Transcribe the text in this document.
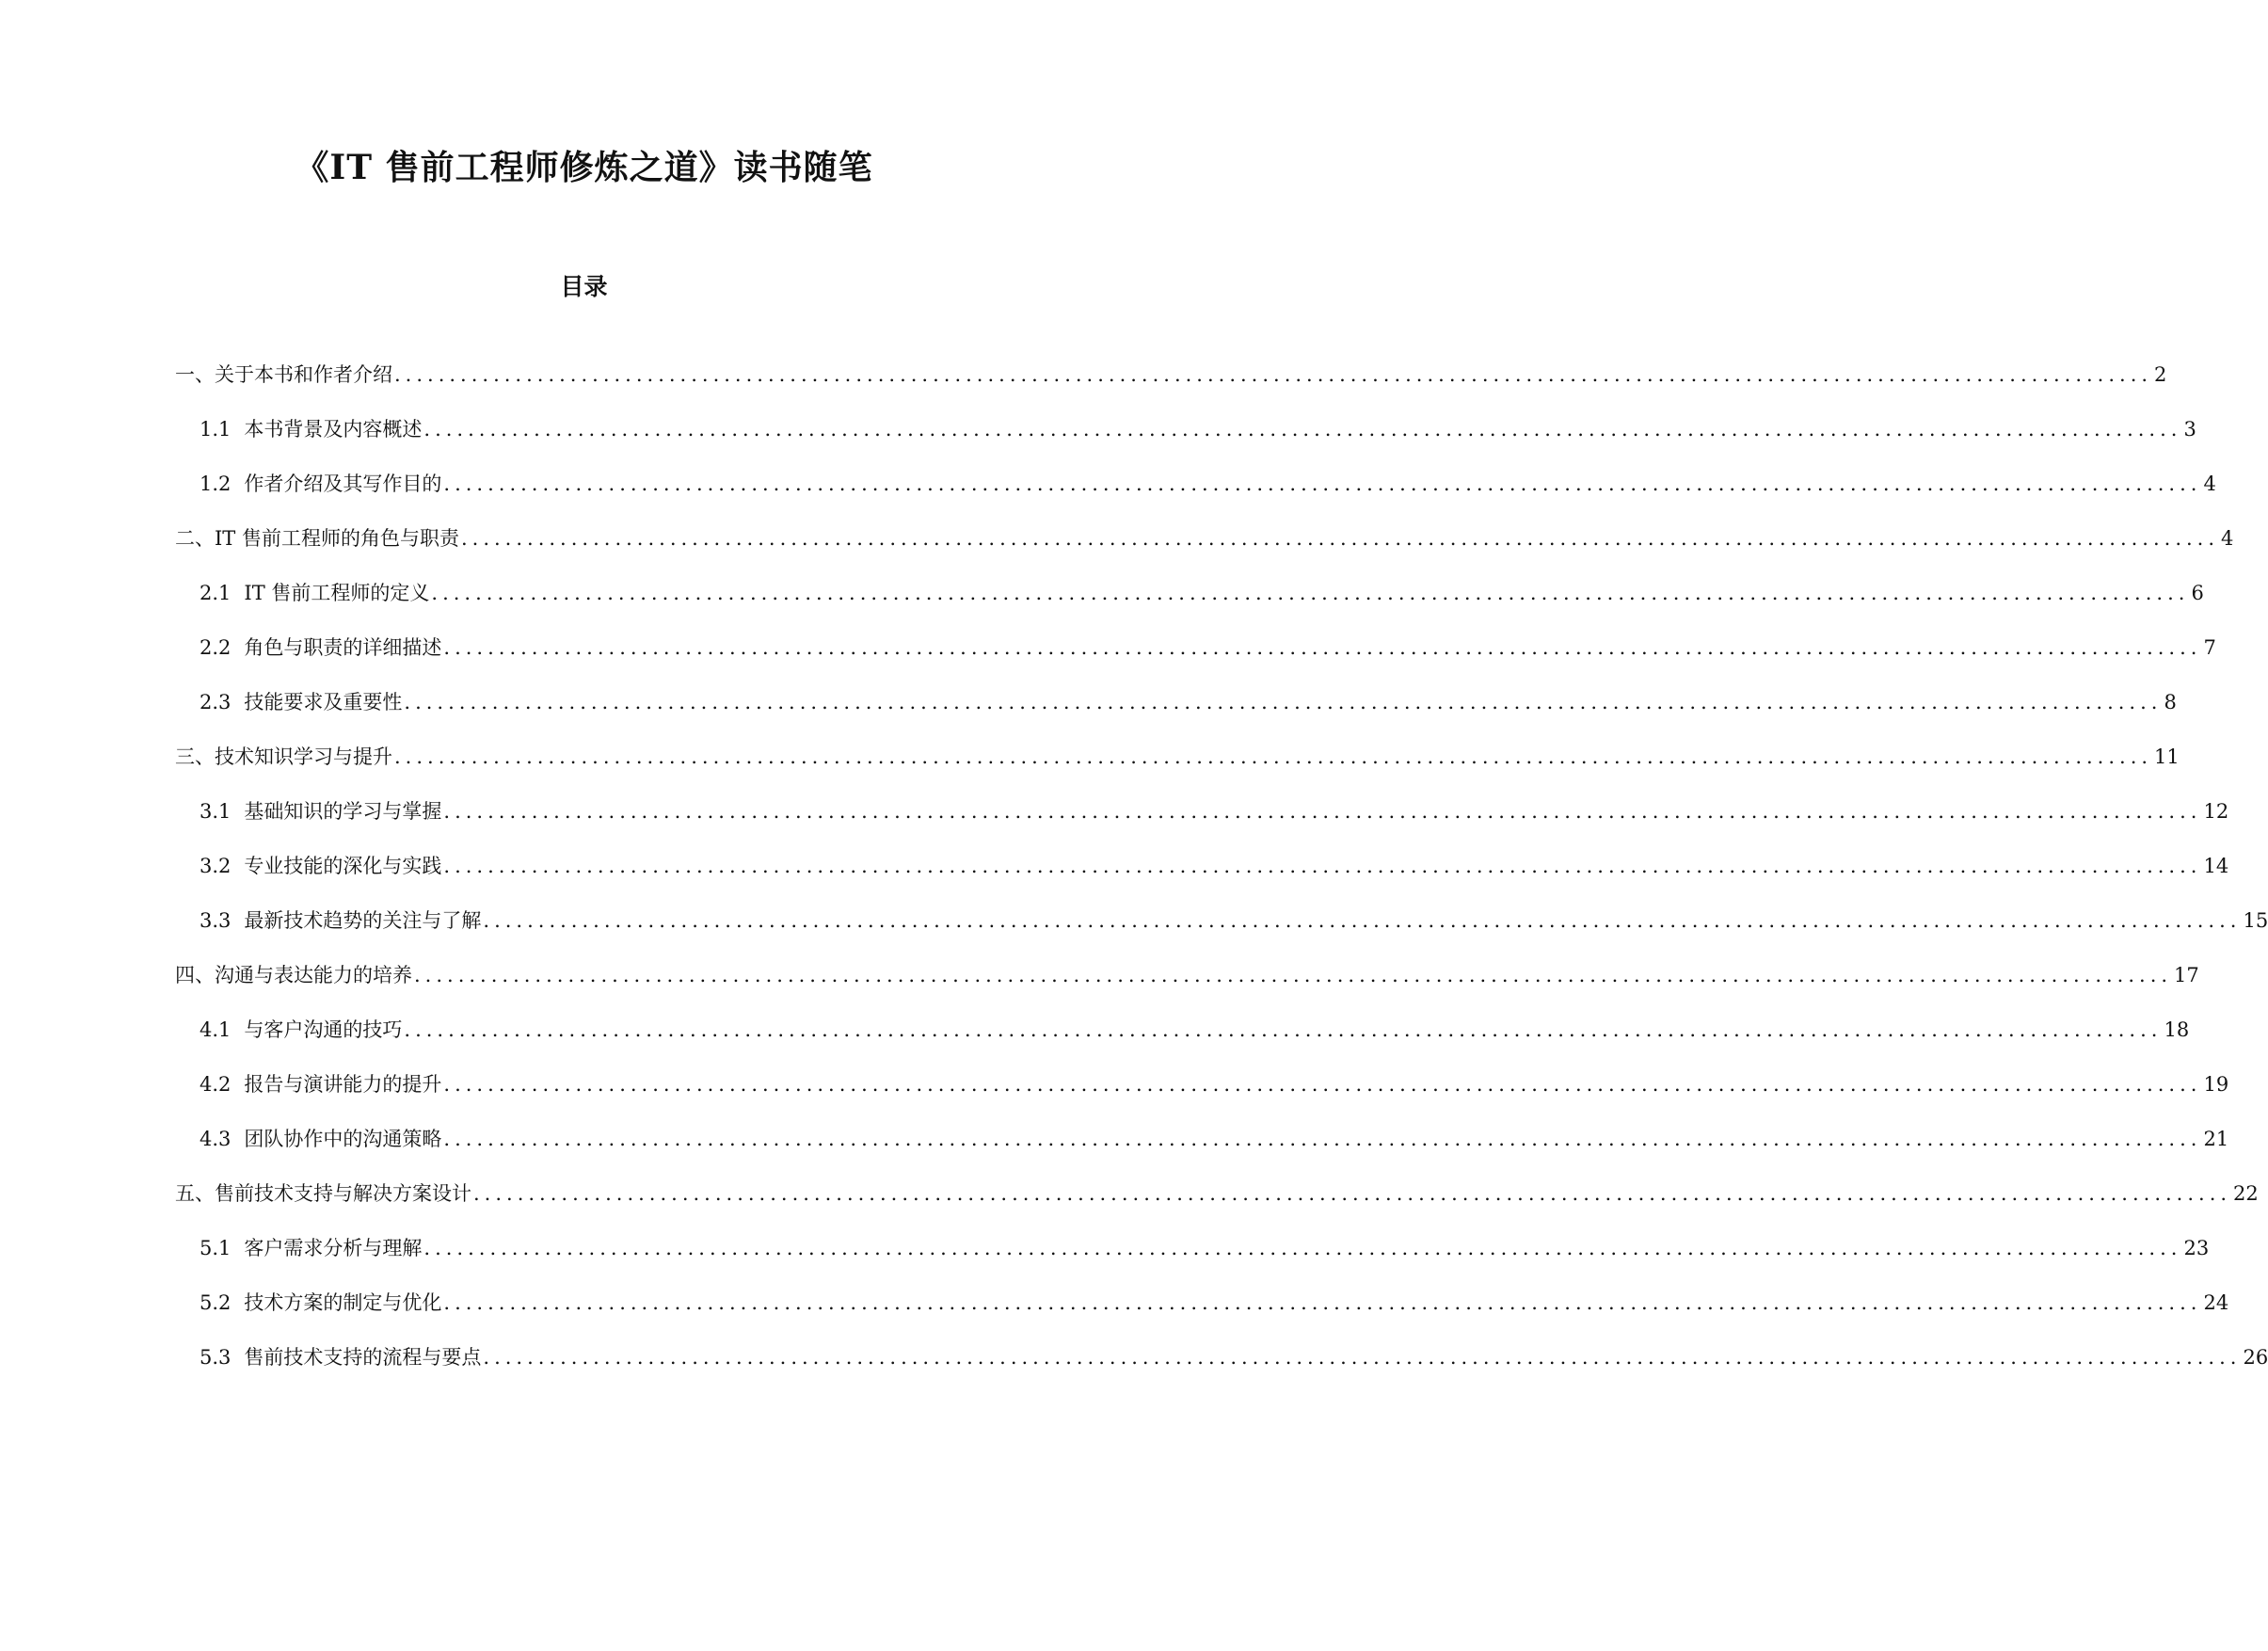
《IT 售前工程师修炼之道》读书随笔
目录
一、关于本书和作者介绍 ................................................................................................................................................................ 2
1.1 本书背景及内容概述 ................................................................................................................................................................ 3
1.2 作者介绍及其写作目的 ................................................................................................................................................................ 4
二、IT 售前工程师的角色与职责 ................................................................................................................................................................ 4
2.1 IT 售前工程师的定义 ................................................................................................................................................................ 6
2.2 角色与职责的详细描述 ................................................................................................................................................................ 7
2.3 技能要求及重要性 ................................................................................................................................................................ 8
三、技术知识学习与提升 ................................................................................................................................................................ 11
3.1 基础知识的学习与掌握 ................................................................................................................................................................ 12
3.2 专业技能的深化与实践 ................................................................................................................................................................ 14
3.3 最新技术趋势的关注与了解 ................................................................................................................................................................ 15
四、沟通与表达能力的培养 ................................................................................................................................................................ 17
4.1 与客户沟通的技巧 ................................................................................................................................................................ 18
4.2 报告与演讲能力的提升 ................................................................................................................................................................ 19
4.3 团队协作中的沟通策略 ................................................................................................................................................................ 21
五、售前技术支持与解决方案设计 ................................................................................................................................................................ 22
5.1 客户需求分析与理解 ................................................................................................................................................................ 23
5.2 技术方案的制定与优化 ................................................................................................................................................................ 24
5.3 售前技术支持的流程与要点 ................................................................................................................................................................ 26
